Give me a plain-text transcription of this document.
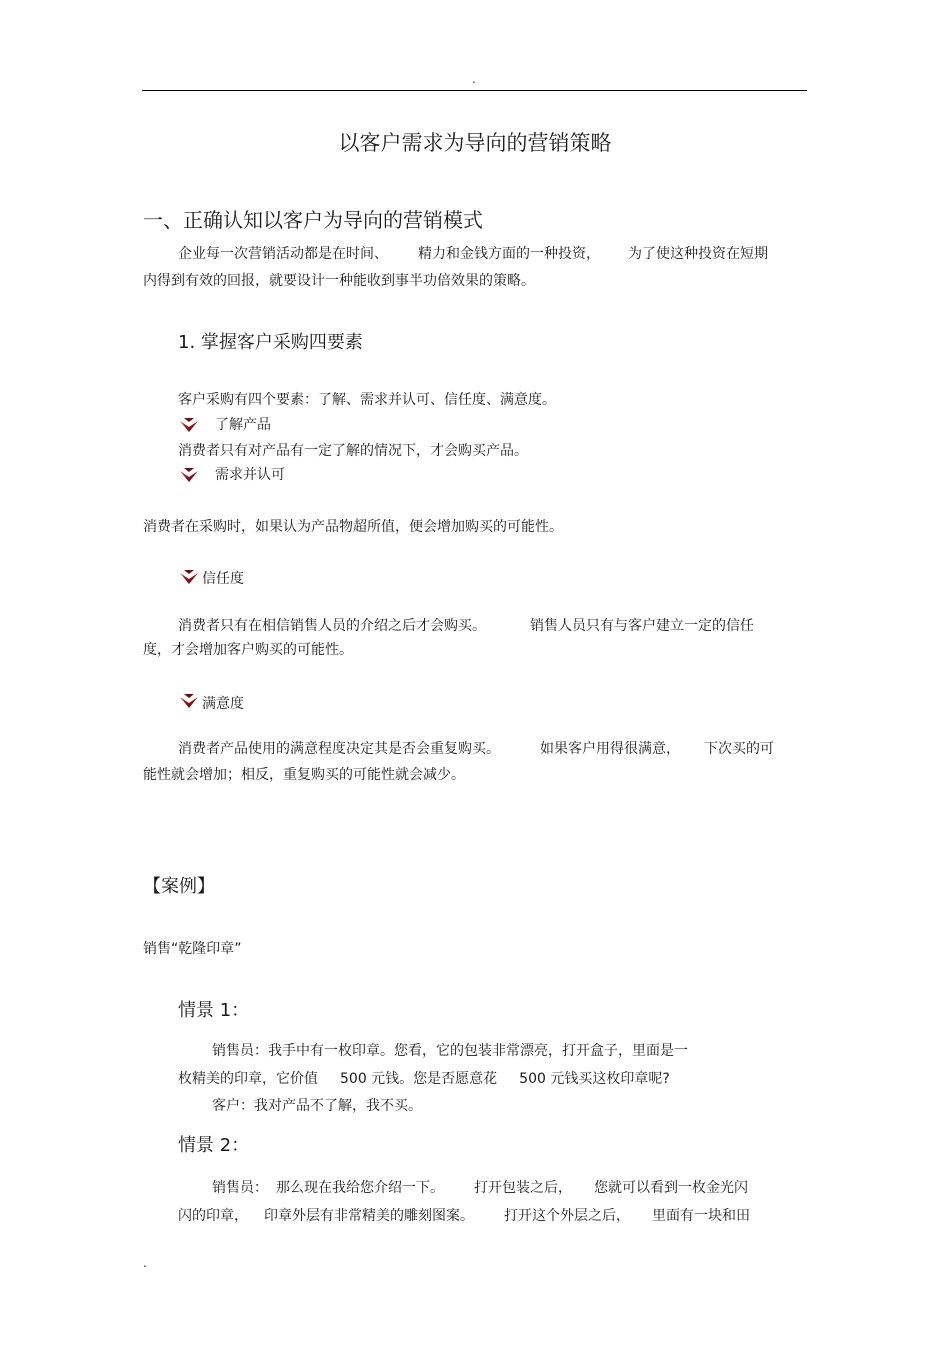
.
以客户需求为导向的营销策略
一、正确认知以客户为导向的营销模式
企业每一次营销活动都是在时间、 精力和金钱方面的一种投资， 为了使这种投资在短期
内得到有效的回报，就要设计一种能收到事半功倍效果的策略。
1. 掌握客户采购四要素
客户采购有四个要素：了解、需求并认可、信任度、满意度。
了解产品
消费者只有对产品有一定了解的情况下，才会购买产品。
需求并认可
消费者在采购时，如果认为产品物超所值，便会增加购买的可能性。
信任度
消费者只有在相信销售人员的介绍之后才会购买。	销售人员只有与客户建立一定的信任
度，才会增加客户购买的可能性。
满意度
消费者产品使用的满意程度决定其是否会重复购买。	如果客户用得很满意， 下次买的可
能性就会增加；相反，重复购买的可能性就会减少。
【案例】
销售“乾隆印章”
情景 1：
销售员：我手中有一枚印章。您看，它的包装非常漂亮，打开盒子，里面是一
枚精美的印章，它价值 500 元钱。您是否愿意花 500 元钱买这枚印章呢?
客户：我对产品不了解，我不买。
情景 2：
销售员： 那么现在我给您介绍一下。 打开包装之后， 您就可以看到一枚金光闪
闪的印章， 印章外层有非常精美的雕刻图案。 打开这个外层之后， 里面有一块和田
.
